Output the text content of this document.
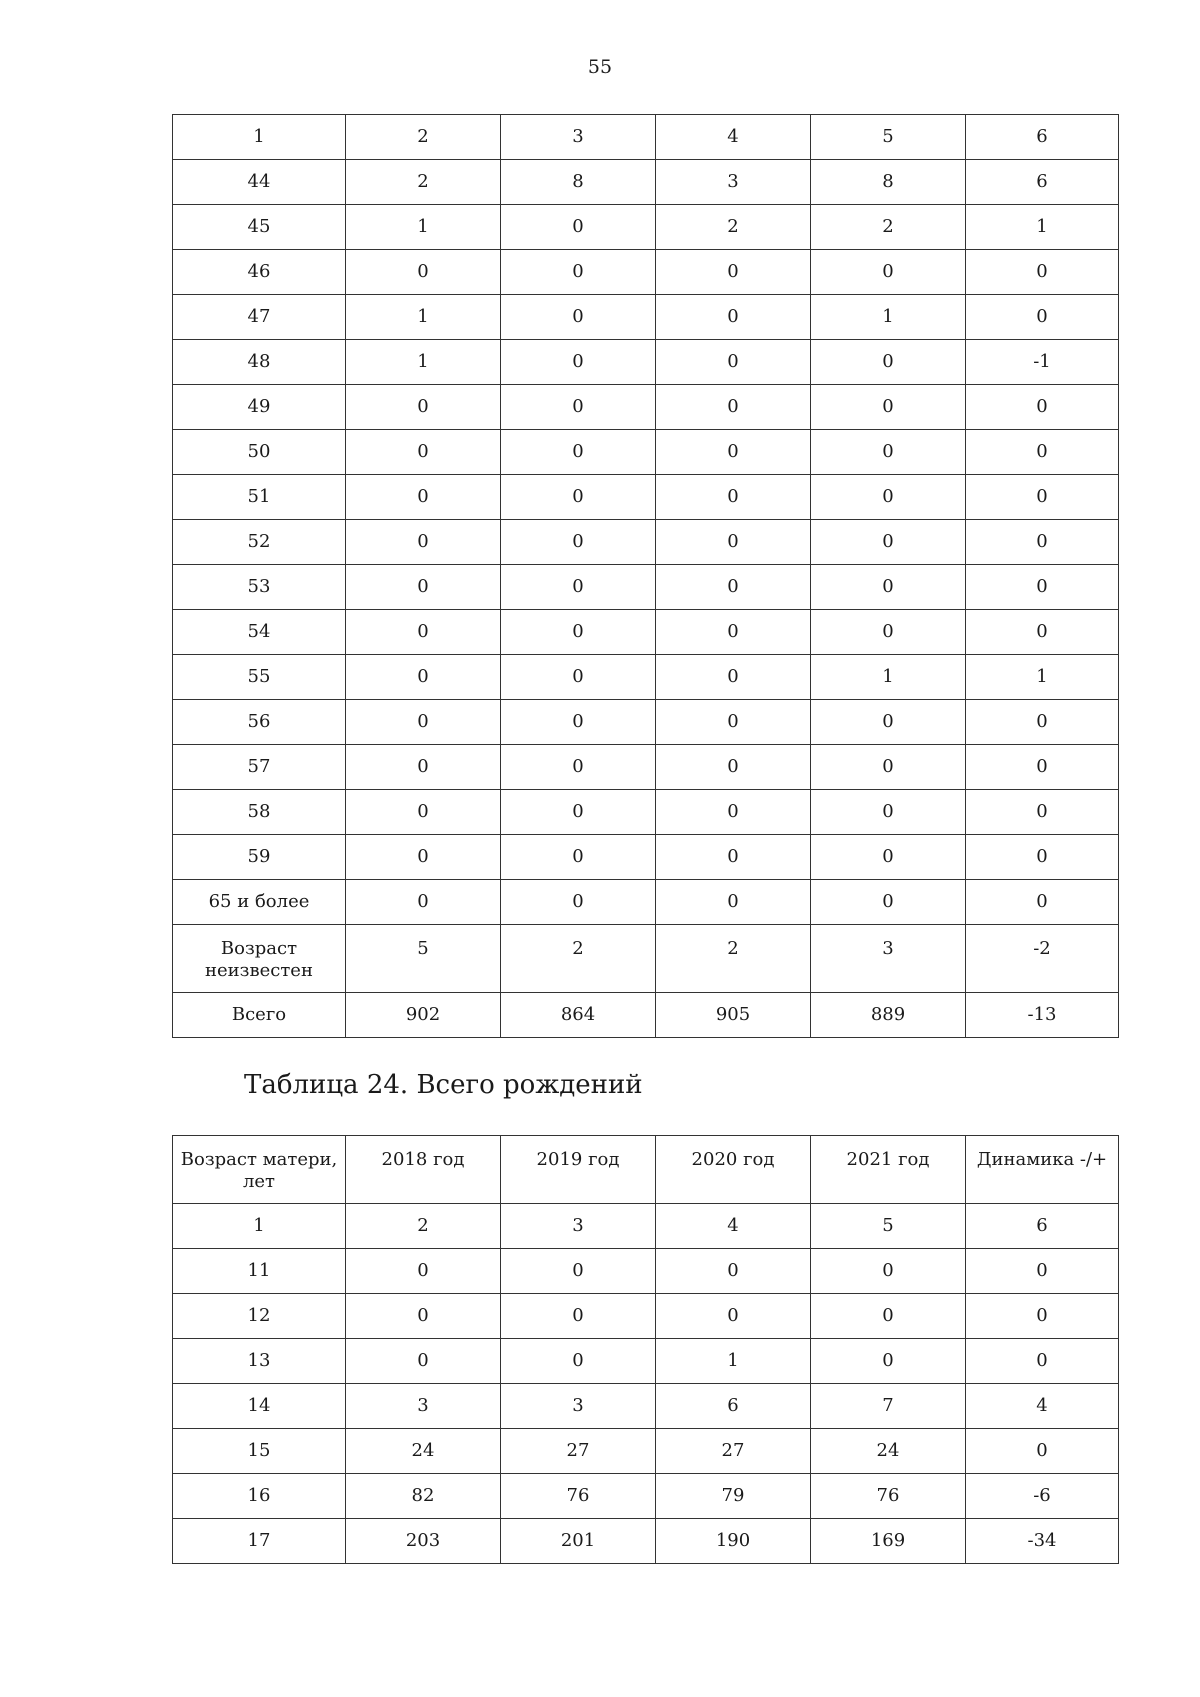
55
1	2	3	4	5	6
44	2	8	3	8	6
45	1	0	2	2	1
46	0	0	0	0	0
47	1	0	0	1	0
48	1	0	0	0	-1
49	0	0	0	0	0
50	0	0	0	0	0
51	0	0	0	0	0
52	0	0	0	0	0
53	0	0	0	0	0
54	0	0	0	0	0
55	0	0	0	1	1
56	0	0	0	0	0
57	0	0	0	0	0
58	0	0	0	0	0
59	0	0	0	0	0
65 и более	0	0	0	0	0
Возраст неизвестен	5	2	2	3	-2
Всего	902	864	905	889	-13
Таблица 24. Всего рождений
Возраст матери, лет	2018 год	2019 год	2020 год	2021 год	Динамика -/+
1	2	3	4	5	6
11	0	0	0	0	0
12	0	0	0	0	0
13	0	0	1	0	0
14	3	3	6	7	4
15	24	27	27	24	0
16	82	76	79	76	-6
17	203	201	190	169	-34
